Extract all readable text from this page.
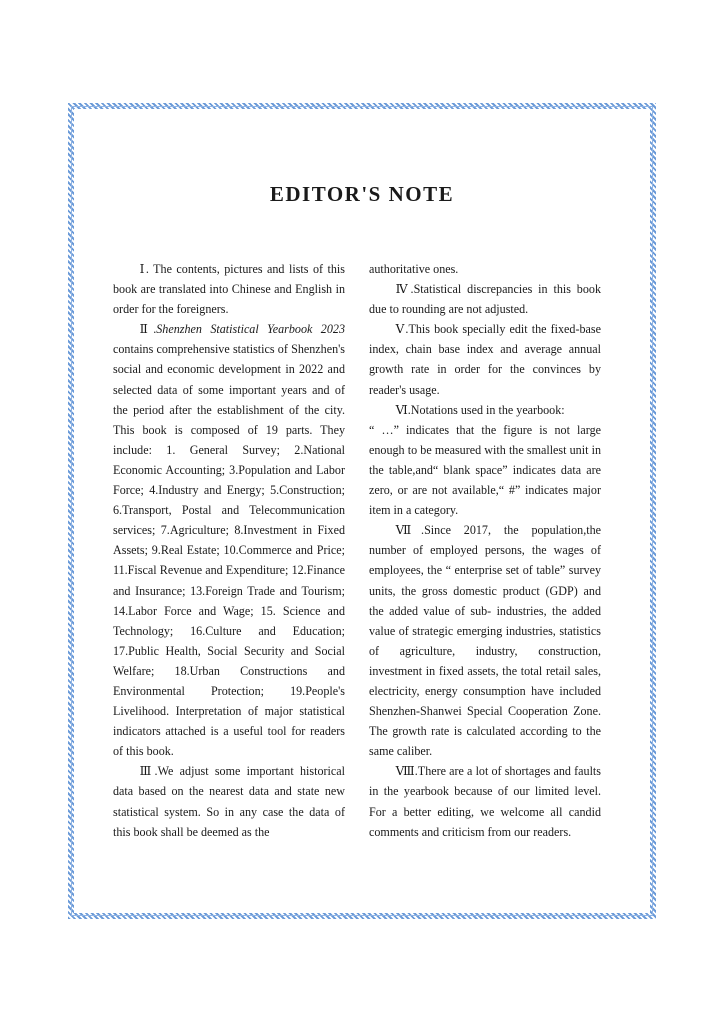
EDITOR'S NOTE

Ⅰ. The contents, pictures and lists of this book are translated into Chinese and English in order for the foreigners.

Ⅱ.Shenzhen Statistical Yearbook 2023 contains comprehensive statistics of Shenzhen's social and economic development in 2022 and selected data of some important years and of the period after the establishment of the city. This book is composed of 19 parts. They include: 1. General Survey; 2.National Economic Accounting; 3.Population and Labor Force; 4.Industry and Energy; 5.Construction; 6.Transport, Postal and Telecommunication services; 7.Agriculture; 8.Investment in Fixed Assets; 9.Real Estate; 10.Commerce and Price; 11.Fiscal Revenue and Expenditure; 12.Finance and Insurance; 13.Foreign Trade and Tourism; 14.Labor Force and Wage; 15. Science and Technology; 16.Culture and Education; 17.Public Health, Social Security and Social Welfare; 18.Urban Constructions and Environmental Protection; 19.People's Livelihood. Interpretation of major statistical indicators attached is a useful tool for readers of this book.

Ⅲ.We adjust some important historical data based on the nearest data and state new statistical system. So in any case the data of this book shall be deemed as the

authoritative ones.

Ⅳ.Statistical discrepancies in this book due to rounding are not adjusted.

Ⅴ.This book specially edit the fixed-base index, chain base index and average annual growth rate in order for the convinces by reader's usage.

Ⅵ.Notations used in the yearbook:

“ …” indicates that the figure is not large enough to be measured with the smallest unit in the table,and“ blank space” indicates data are zero, or are not available,“ #” indicates major item in a category.

Ⅶ.Since 2017, the population,the number of employed persons, the wages of employees, the “ enterprise set of table” survey units, the gross domestic product (GDP) and the added value of sub- industries, the added value of strategic emerging industries, statistics of agriculture, industry, construction, investment in fixed assets, the total retail sales, electricity, energy consumption have included Shenzhen-Shanwei Special Cooperation Zone. The growth rate is calculated according to the same caliber.

Ⅷ.There are a lot of shortages and faults in the yearbook because of our limited level. For a better editing, we welcome all candid comments and criticism from our readers.
